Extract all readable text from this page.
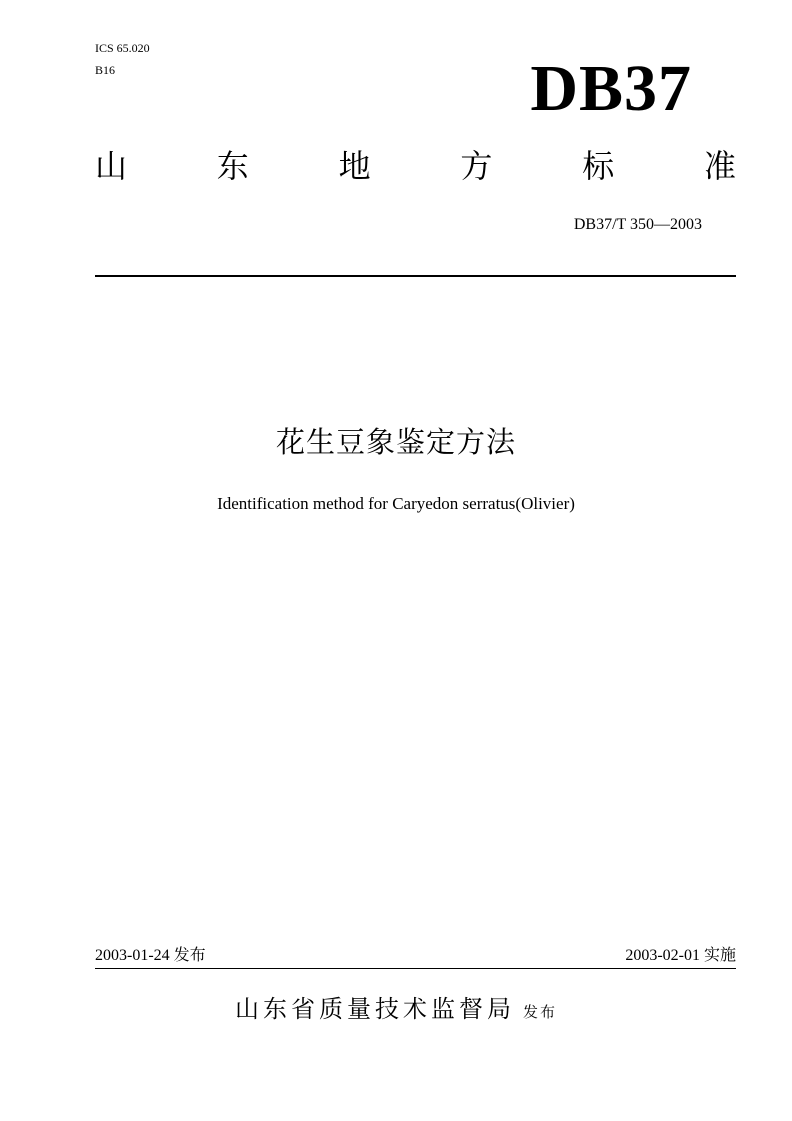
ICS 65.020
B16	DB37
山	东	地	方	标	准
DB37/T 350—2003
花生豆象鉴定方法
Identification method for Caryedon serratus(Olivier)
2003-01-24 发布	2003-02-01 实施
山东省质量技术监督局 发布
